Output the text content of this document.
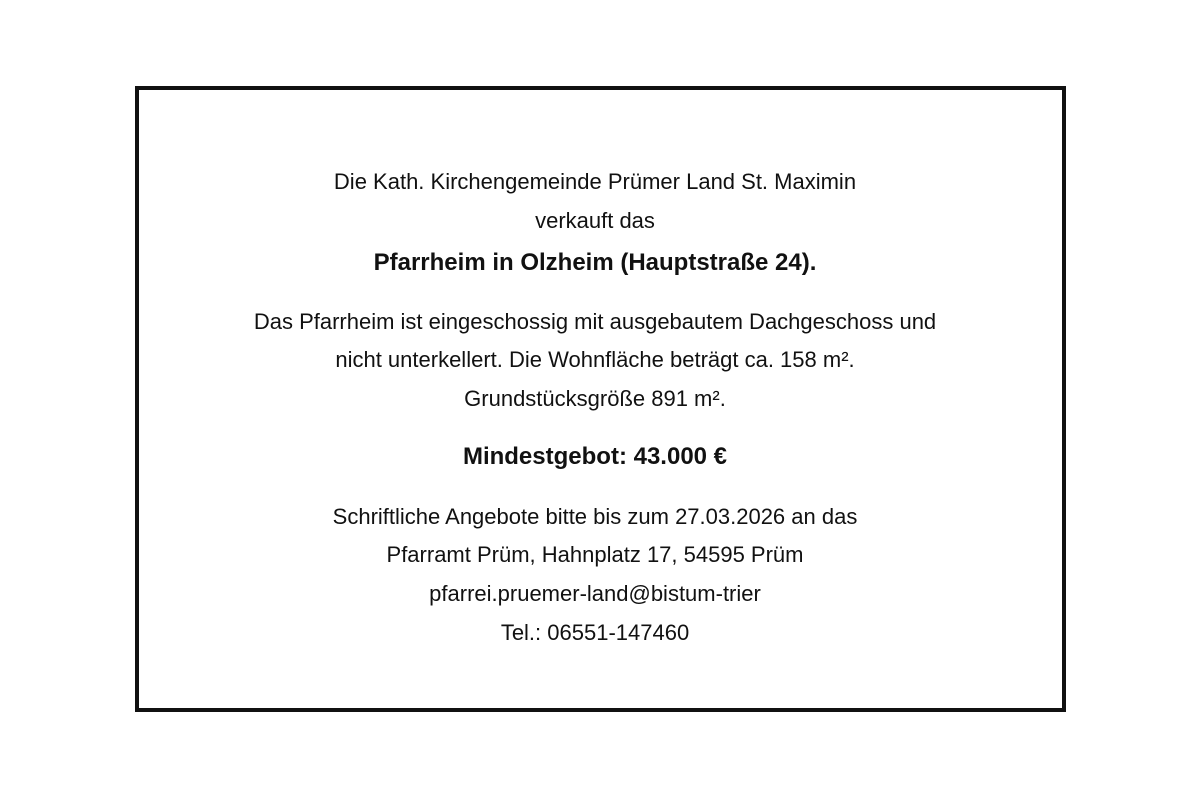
Die Kath. Kirchengemeinde Prümer Land St. Maximin
verkauft das
Pfarrheim in Olzheim (Hauptstraße 24).
Das Pfarrheim ist eingeschossig mit ausgebautem Dachgeschoss und
nicht unterkellert. Die Wohnfläche beträgt ca. 158 m².
Grundstücksgröße 891 m².
Mindestgebot: 43.000 €
Schriftliche Angebote bitte bis zum 27.03.2026 an das
Pfarramt Prüm, Hahnplatz 17, 54595 Prüm
pfarrei.pruemer-land@bistum-trier
Tel.: 06551-147460
